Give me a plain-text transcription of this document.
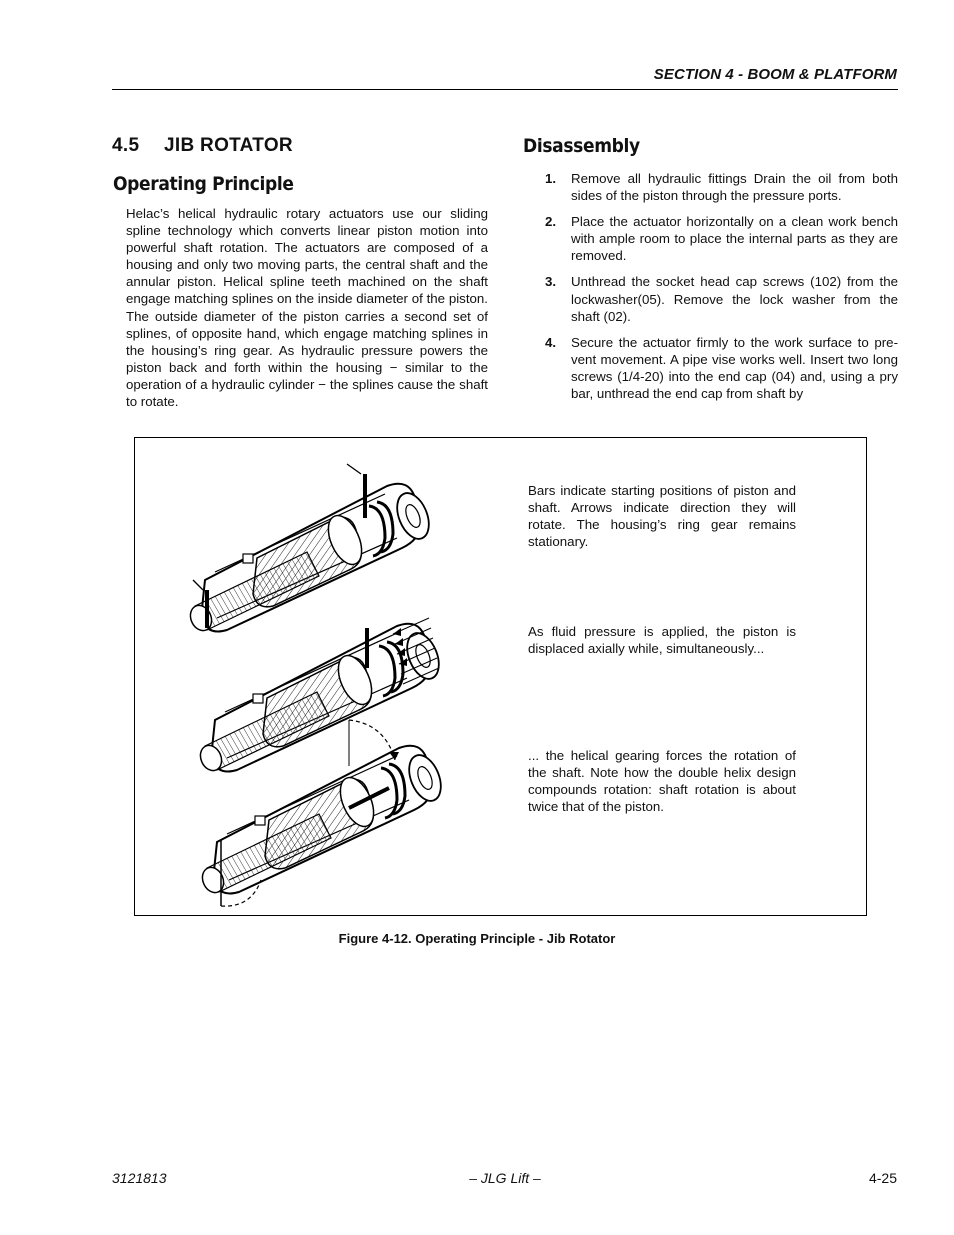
SECTION 4 - BOOM & PLATFORM
4.5 JIB ROTATOR
Operating Principle
Helac’s helical hydraulic rotary actuators use our sliding spline technology which converts linear piston motion into powerful shaft rotation. The actuators are composed of a housing and only two moving parts, the central shaft and the annular piston. Helical spline teeth machined on the shaft engage matching splines on the inside diameter of the piston. The outside diameter of the piston carries a second set of splines, of opposite hand, which engage matching splines in the housing’s ring gear. As hydraulic pressure powers the piston back and forth within the housing − similar to the operation of a hydraulic cylinder − the splines cause the shaft to rotate.
Disassembly
1. Remove all hydraulic fittings Drain the oil from both sides of the piston through the pressure ports.
2. Place the actuator horizontally on a clean work bench with ample room to place the internal parts as they are removed.
3. Unthread the socket head cap screws (102) from the lockwasher(05). Remove the lock washer from the shaft (02).
4. Secure the actuator firmly to the work surface to pre-vent movement. A pipe vise works well. Insert two long screws (1/4-20) into the end cap (04) and, using a pry bar, unthread the end cap from shaft by
Bars indicate starting positions of piston and shaft. Arrows indicate direction they will rotate. The housing’s ring gear remains stationary.
As fluid pressure is applied, the piston is displaced axially while, simultaneously...
... the helical gearing forces the rotation of the shaft. Note how the double helix design compounds rotation: shaft rotation is about twice that of the piston.
Figure 4-12. Operating Principle - Jib Rotator
3121813	– JLG Lift –	4-25
